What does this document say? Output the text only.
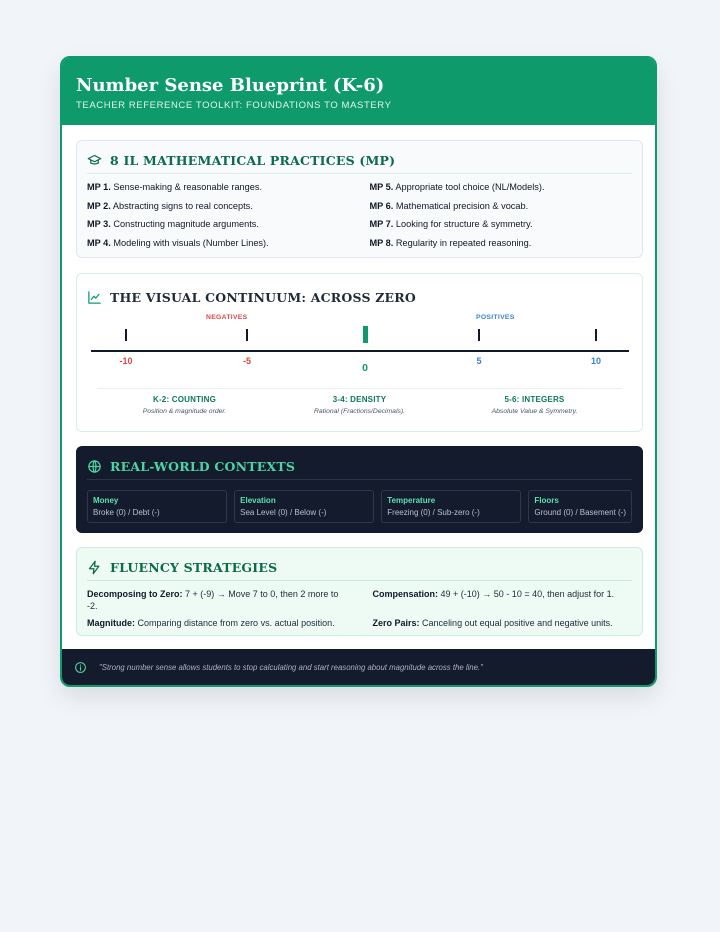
Number Sense Blueprint (K-6)
TEACHER REFERENCE TOOLKIT: FOUNDATIONS TO MASTERY
8 IL MATHEMATICAL PRACTICES (MP)
MP 1. Sense-making & reasonable ranges.	MP 5. Appropriate tool choice (NL/Models).
MP 2. Abstracting signs to real concepts.	MP 6. Mathematical precision & vocab.
MP 3. Constructing magnitude arguments.	MP 7. Looking for structure & symmetry.
MP 4. Modeling with visuals (Number Lines).	MP 8. Regularity in repeated reasoning.
THE VISUAL CONTINUUM: ACROSS ZERO
NEGATIVES	POSITIVES
-10	-5
0
5	10
K-2: COUNTING
Position & magnitude order.
3-4: DENSITY
Rational (Fractions/Decimals).
5-6: INTEGERS
Absolute Value & Symmetry.
REAL-WORLD CONTEXTS
Money
Broke (0) / Debt (-)
Elevation
Sea Level (0) / Below (-)
Temperature
Freezing (0) / Sub-zero (-)
Floors
Ground (0) / Basement (-)
FLUENCY STRATEGIES
Decomposing to Zero: 7 + (-9) → Move 7 to 0, then 2 more to -2.
Compensation: 49 + (-10) → 50 - 10 = 40, then adjust for 1.
Magnitude: Comparing distance from zero vs. actual position.	Zero Pairs: Canceling out equal positive and negative units.
"Strong number sense allows students to stop calculating and start reasoning about magnitude across the line."
